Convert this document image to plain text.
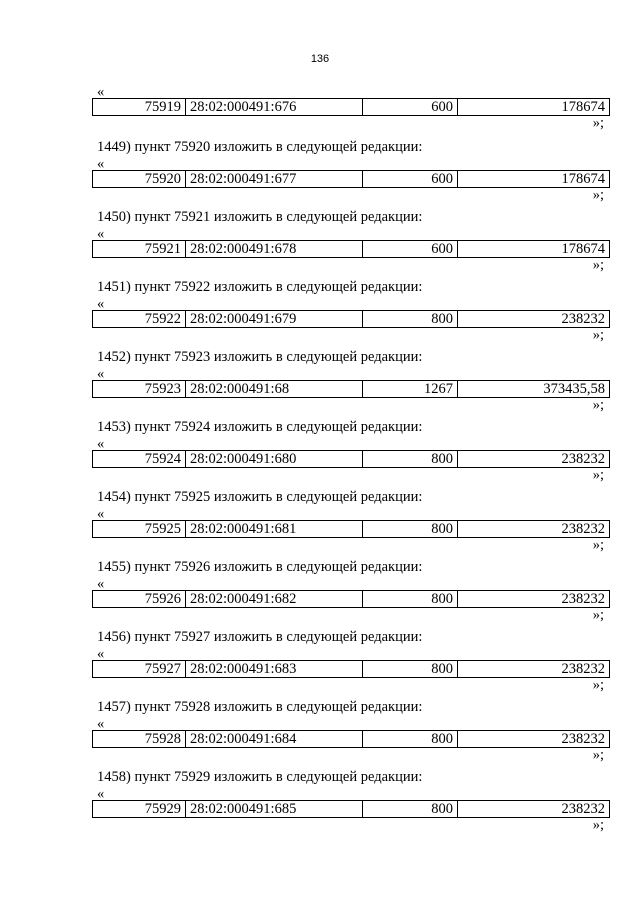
136
«
75919	28:02:000491:676	600	178674
»;
1449) пункт 75920 изложить в следующей редакции:
«
75920	28:02:000491:677	600	178674
»;
1450) пункт 75921 изложить в следующей редакции:
«
75921	28:02:000491:678	600	178674
»;
1451) пункт 75922 изложить в следующей редакции:
«
75922	28:02:000491:679	800	238232
»;
1452) пункт 75923 изложить в следующей редакции:
«
75923	28:02:000491:68	1267	373435,58
»;
1453) пункт 75924 изложить в следующей редакции:
«
75924	28:02:000491:680	800	238232
»;
1454) пункт 75925 изложить в следующей редакции:
«
75925	28:02:000491:681	800	238232
»;
1455) пункт 75926 изложить в следующей редакции:
«
75926	28:02:000491:682	800	238232
»;
1456) пункт 75927 изложить в следующей редакции:
«
75927	28:02:000491:683	800	238232
»;
1457) пункт 75928 изложить в следующей редакции:
«
75928	28:02:000491:684	800	238232
»;
1458) пункт 75929 изложить в следующей редакции:
«
75929	28:02:000491:685	800	238232
»;
